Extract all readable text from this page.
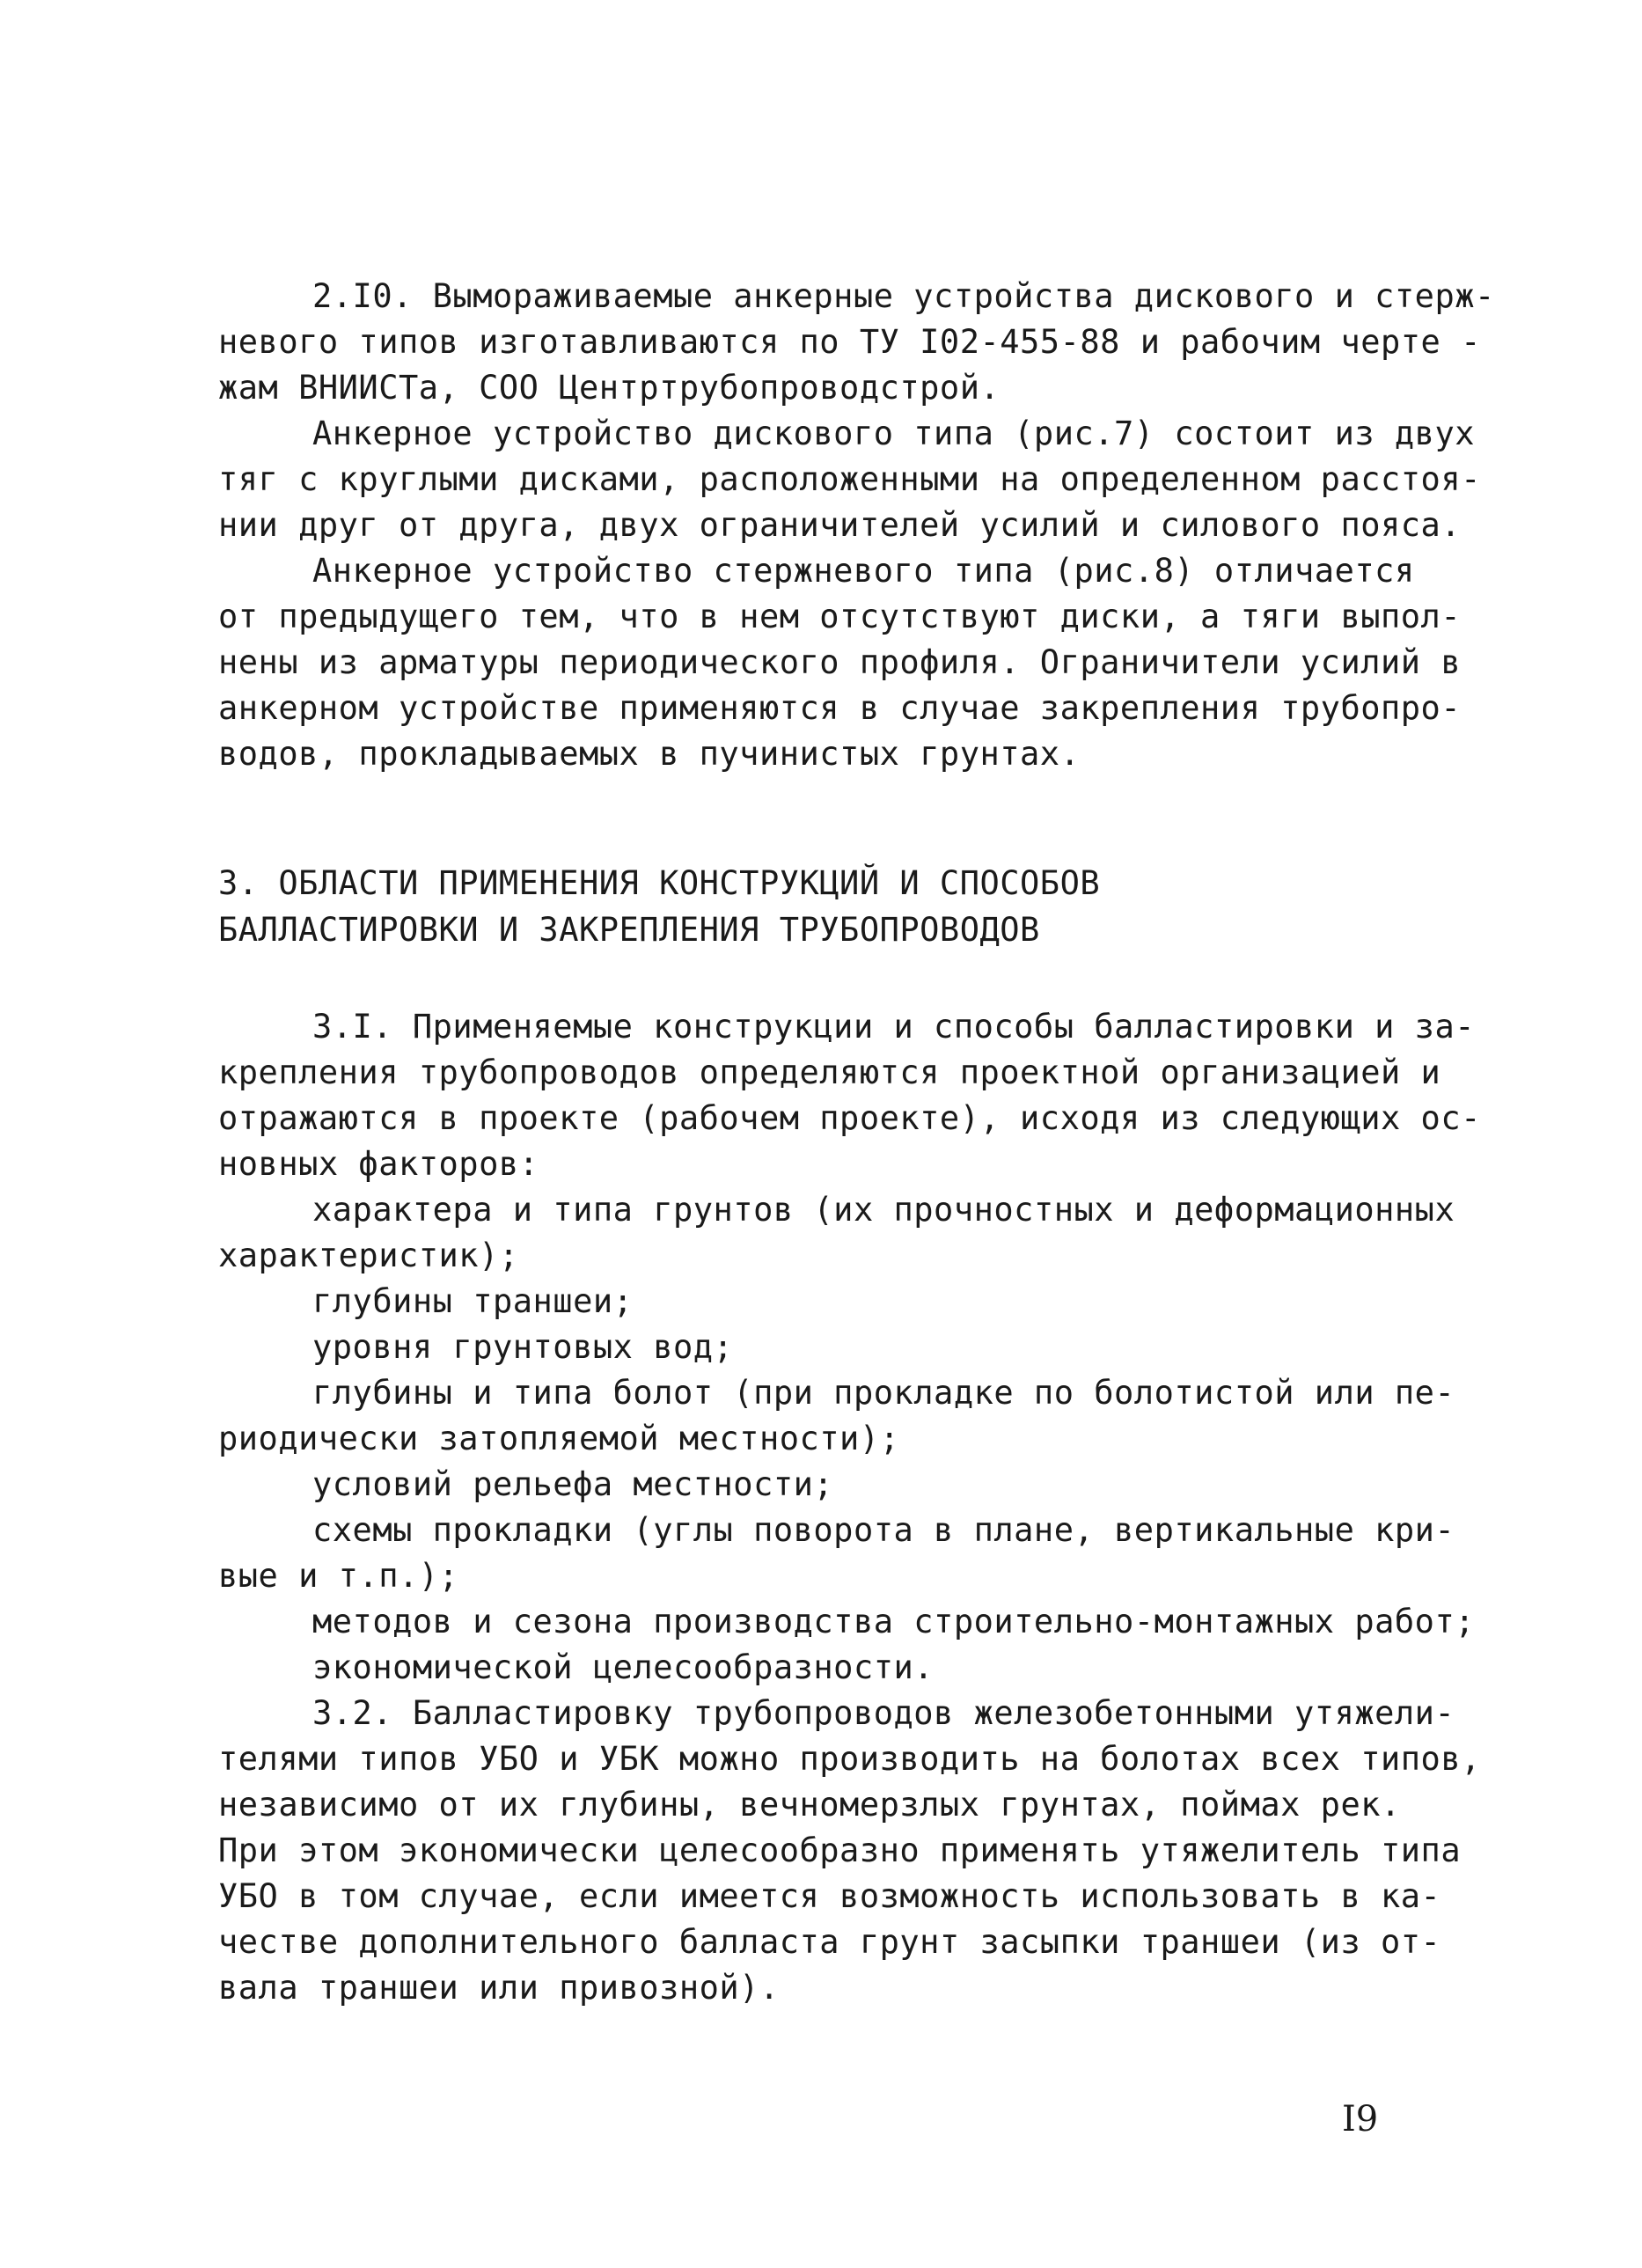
2.I0. Вымораживаемые анкерные устройства дискового и стерж-
невого типов изготавливаются по ТУ I02-455-88 и рабочим черте -
жам ВНИИСТа, СОО Центртрубопроводстрой.
Анкерное устройство дискового типа (рис.7) состоит из двух
тяг с круглыми дисками, расположенными на определенном расстоя-
нии друг от друга, двух ограничителей усилий и силового пояса.
Анкерное устройство стержневого типа (рис.8) отличается
от предыдущего тем, что в нем отсутствуют диски, а тяги выпол-
нены из арматуры периодического профиля. Ограничители усилий в
анкерном устройстве применяются в случае закрепления трубопро-
водов, прокладываемых в пучинистых грунтах.
3. ОБЛАСТИ ПРИМЕНЕНИЯ КОНСТРУКЦИЙ И СПОСОБОВ
БАЛЛАСТИРОВКИ И ЗАКРЕПЛЕНИЯ ТРУБОПРОВОДОВ
3.I. Применяемые конструкции и способы балластировки и за-
крепления трубопроводов определяются проектной организацией и
отражаются в проекте (рабочем проекте), исходя из следующих ос-
новных факторов:
характера и типа грунтов (их прочностных и деформационных
характеристик);
глубины траншеи;
уровня грунтовых вод;
глубины и типа болот (при прокладке по болотистой или пе-
риодически затопляемой местности);
условий рельефа местности;
схемы прокладки (углы поворота в плане, вертикальные кри-
вые и т.п.);
методов и сезона производства строительно-монтажных работ;
экономической целесообразности.
3.2. Балластировку трубопроводов железобетонными утяжели-
телями типов УБО и УБК можно производить на болотах всех типов,
независимо от их глубины, вечномерзлых грунтах, поймах рек.
При этом экономически целесообразно применять утяжелитель типа
УБО в том случае, если имеется возможность использовать в ка-
честве дополнительного балласта грунт засыпки траншеи (из от-
вала траншеи или привозной).
I9
